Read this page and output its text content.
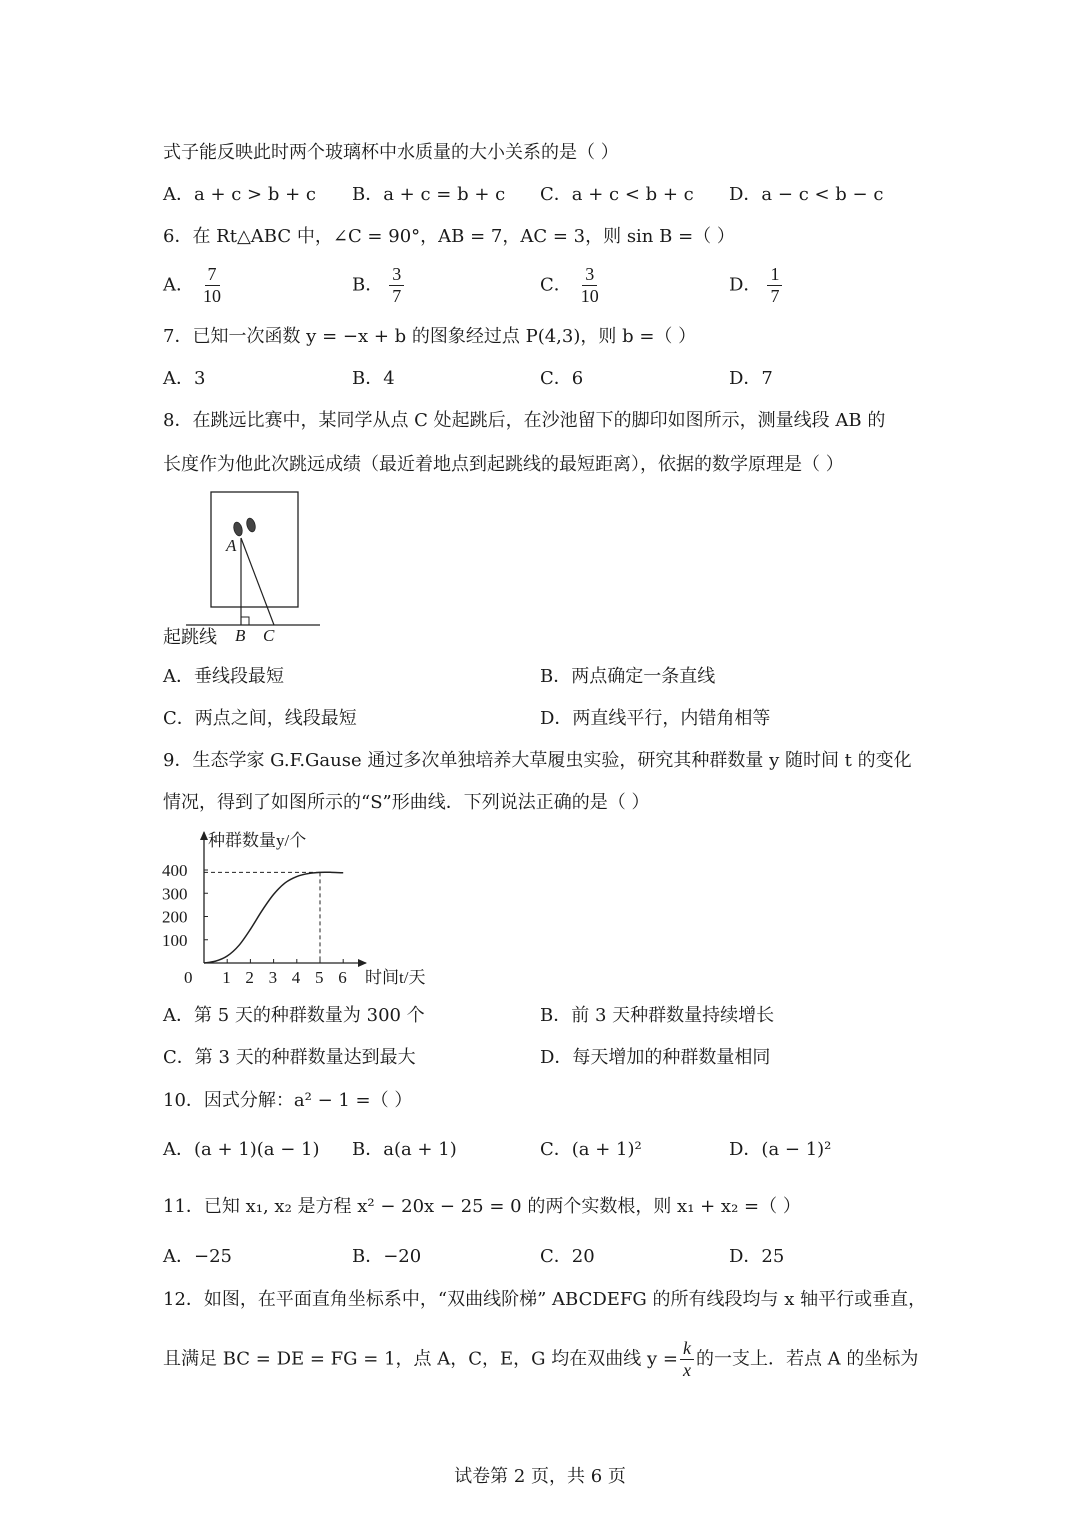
式子能反映此时两个玻璃杯中水质量的大小关系的是（ ）
A．a + c > b + c B．a + c = b + c C．a + c < b + c D．a − c < b − c
6．在 Rt△ABC 中，∠C = 90°，AB = 7，AC = 3，则 sin B =（ ）
A． $\frac{7}{10}$	B． $\frac{3}{7}$	C． $\frac{3}{10}$	D． $\frac{1}{7}$
7．已知一次函数 y = −x + b 的图象经过点 P(4,3)，则 b =（ ）
A．3	B．4	C．6	D．7
8．在跳远比赛中，某同学从点 C 处起跳后，在沙池留下的脚印如图所示，测量线段 AB 的
长度作为他此次跳远成绩（最近着地点到起跳线的最短距离），依据的数学原理是（ ）
A
B C
起跳线
A．垂线段最短	B．两点确定一条直线
C．两点之间，线段最短	D．两直线平行，内错角相等
9．生态学家 G.F.Gause 通过多次单独培养大草履虫实验，研究其种群数量 y 随时间 t 的变化
情况，得到了如图所示的“S”形曲线．下列说法正确的是（ ）
种群数量y/个
时间t/天
0 1 2 3 4 5 6
100
200
300
400
A．第 5 天的种群数量为 300 个	B．前 3 天种群数量持续增长
C．第 3 天的种群数量达到最大	D．每天增加的种群数量相同
10．因式分解：a² − 1 =（ ）
A．(a + 1)(a − 1) B．a(a + 1)	C．(a + 1)²	D．(a − 1)²
11．已知 x₁, x₂ 是方程 x² − 20x − 25 = 0 的两个实数根，则 x₁ + x₂ =（ ）
A．−25	B．−20	C．20	D．25
12．如图，在平面直角坐标系中，“双曲线阶梯” ABCDEFG 的所有线段均与 x 轴平行或垂直，
且满足 BC = DE = FG = 1，点 A，C，E，G 均在双曲线 $y = \frac{k}{x}$ 的一支上．若点 A 的坐标为
试卷第 2 页，共 6 页
